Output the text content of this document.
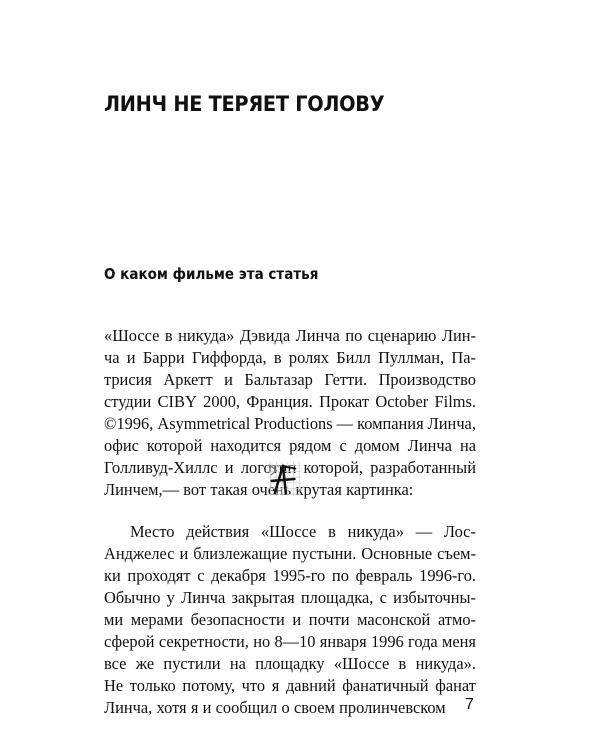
ЛИНЧ НЕ ТЕРЯЕТ ГОЛОВУ
О каком фильме эта статья
«Шоссе в никуда» Дэвида Линча по сценарию Лин-
ча и Барри Гиффорда, в ролях Билл Пуллман, Па-
трисия Аркетт и Бальтазар Гетти. Производство
студии CIBY 2000, Франция. Прокат October Films.
©1996, Asymmetrical Productions — компания Линча,
офис которой находится рядом с домом Линча на
Голливуд-Хиллс и логотип которой, разработанный
Линчем,— вот такая очень крутая картинка:
Место действия «Шоссе в никуда» — Лос-
Анджелес и близлежащие пустыни. Основные съем-
ки проходят с декабря 1995-го по февраль 1996-го.
Обычно у Линча закрытая площадка, с избыточны-
ми мерами безопасности и почти масонской атмо-
сферой секретности, но 8—10 января 1996 года меня
все же пустили на площадку «Шоссе в никуда».
Не только потому, что я давний фанатичный фанат
Линча, хотя я и сообщил о своем пролинчевском 7
